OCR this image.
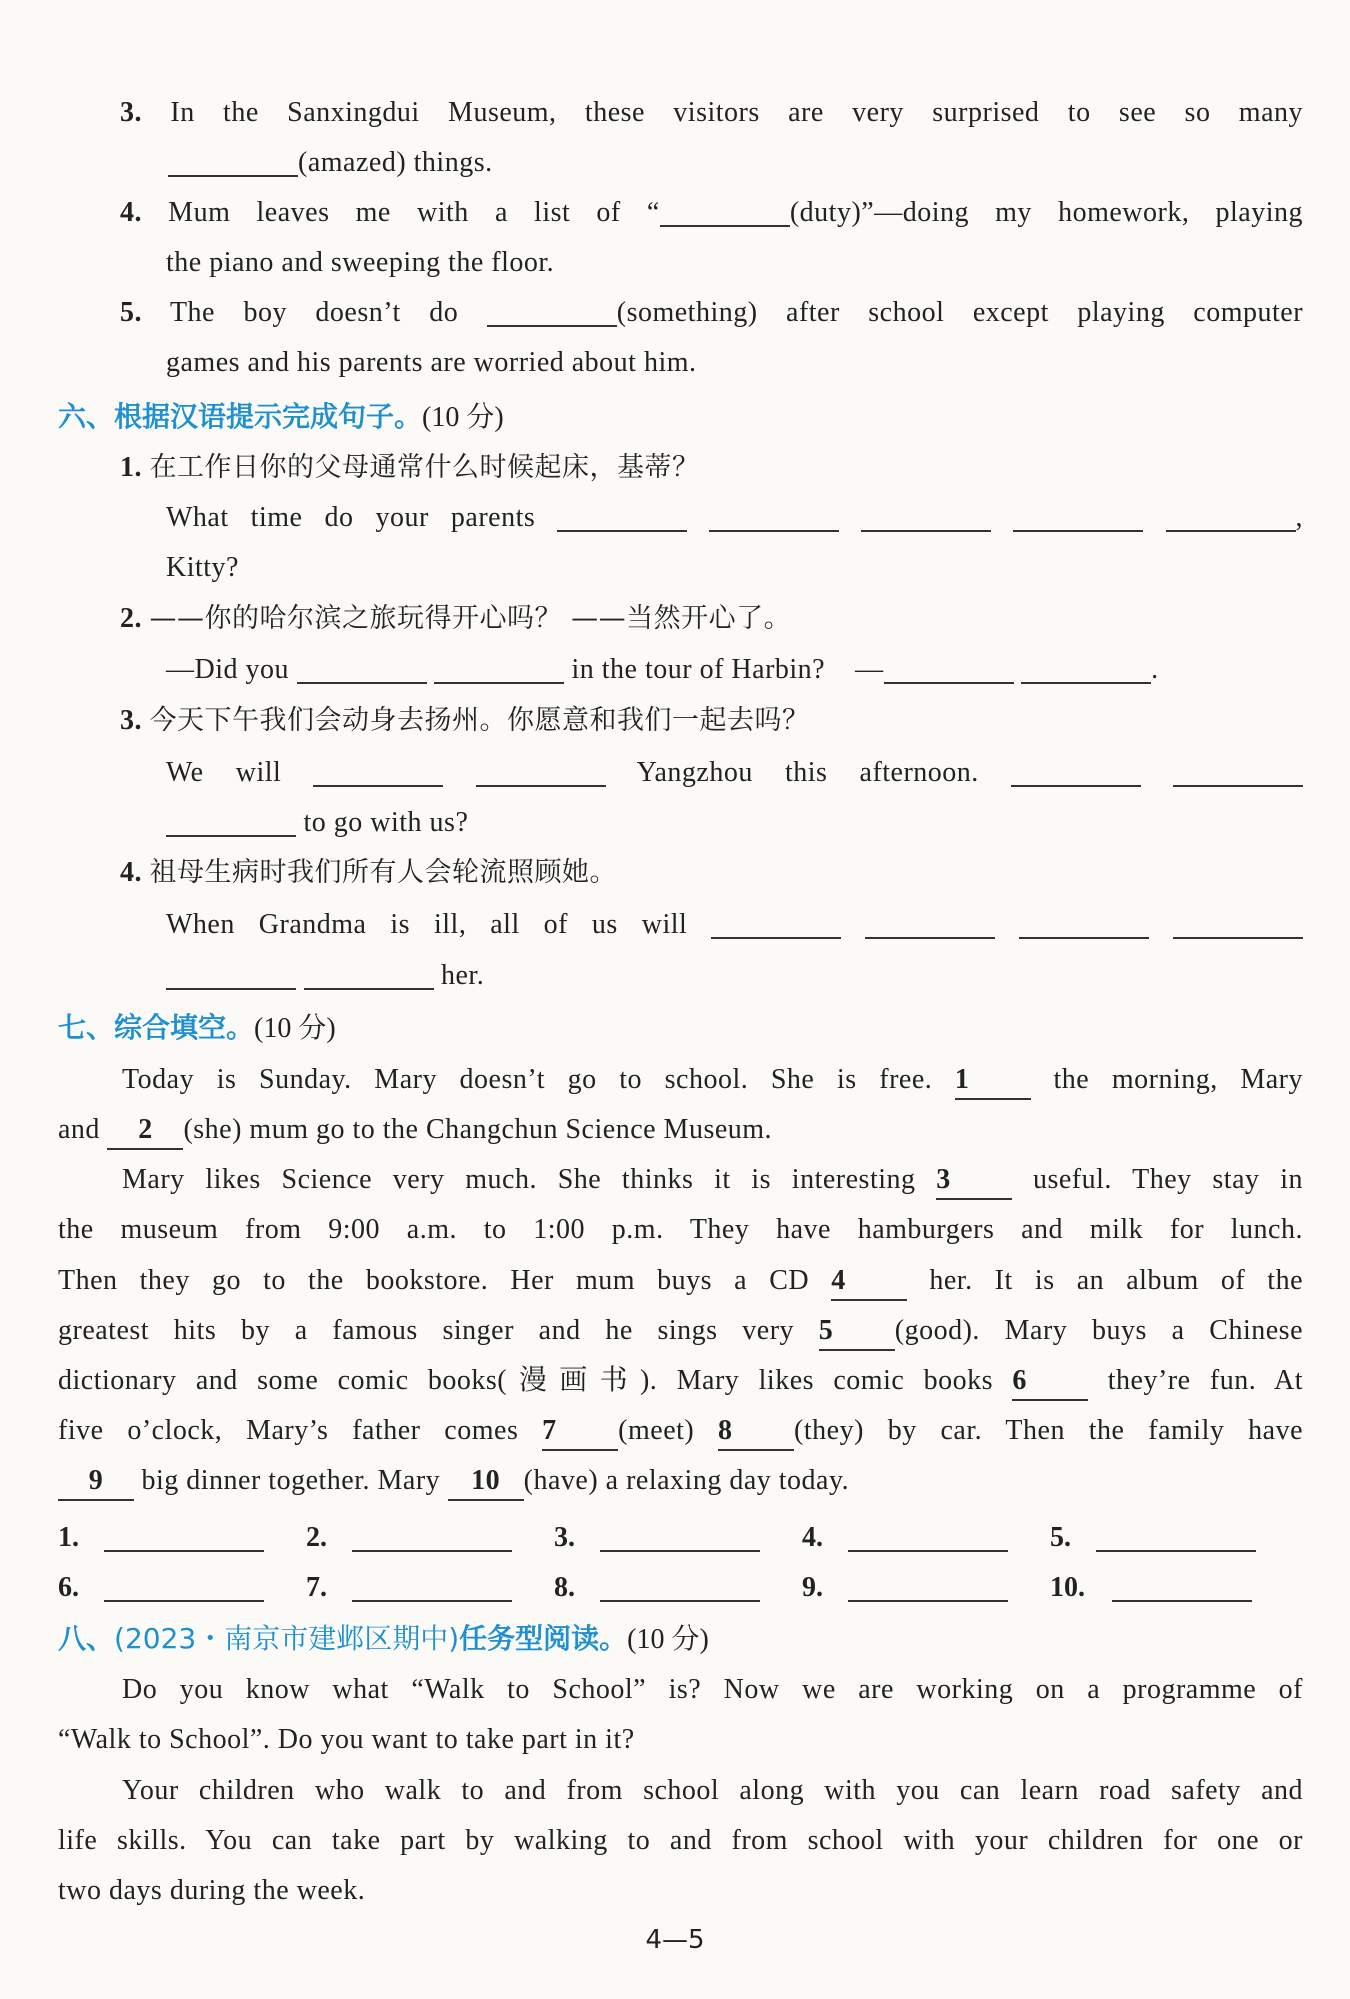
3. In the Sanxingdui Museum, these visitors are very surprised to see so many
(amazed) things.
4. Mum leaves me with a list of “	(duty)”—doing my homework, playing
the piano and sweeping the floor.
5. The boy doesn’t do	(something) after school except playing computer
games and his parents are worried about him.
六、根据汉语提示完成句子。(10 分)
1. 在工作日你的父母通常什么时候起床，基蒂？
What time do your parents	,
Kitty?
2. ——你的哈尔滨之旅玩得开心吗？ ——当然开心了。
—Did you	in the tour of Harbin? —	.
3. 今天下午我们会动身去扬州。你愿意和我们一起去吗？
We will	Yangzhou this afternoon.
to go with us?
4. 祖母生病时我们所有人会轮流照顾她。
When Grandma is ill, all of us will
her.
七、综合填空。(10 分)
Today is Sunday. Mary doesn’t go to school. She is free. 1	the morning, Mary
and 2 (she) mum go to the Changchun Science Museum.
Mary likes Science very much. She thinks it is interesting 3	useful. They stay in
the museum from 9:00 a.m. to 1:00 p.m. They have hamburgers and milk for lunch.
Then they go to the bookstore. Her mum buys a CD 4	her. It is an album of the
greatest hits by a famous singer and he sings very 5 (good). Mary buys a Chinese
dictionary and some comic books(漫画书). Mary likes comic books 6	they’re fun. At
five o’clock, Mary’s father comes 7 (meet) 8 (they) by car. Then the family have
9 big dinner together. Mary 10 (have) a relaxing day today.
1.	2.	3.	4.	5.
6.	7.	8.	9.	10.
八、(2023・南京市建邺区期中)任务型阅读。(10 分)
Do you know what “Walk to School” is? Now we are working on a programme of
“Walk to School”. Do you want to take part in it?
Your children who walk to and from school along with you can learn road safety and
life skills. You can take part by walking to and from school with your children for one or
two days during the week.
4—5
